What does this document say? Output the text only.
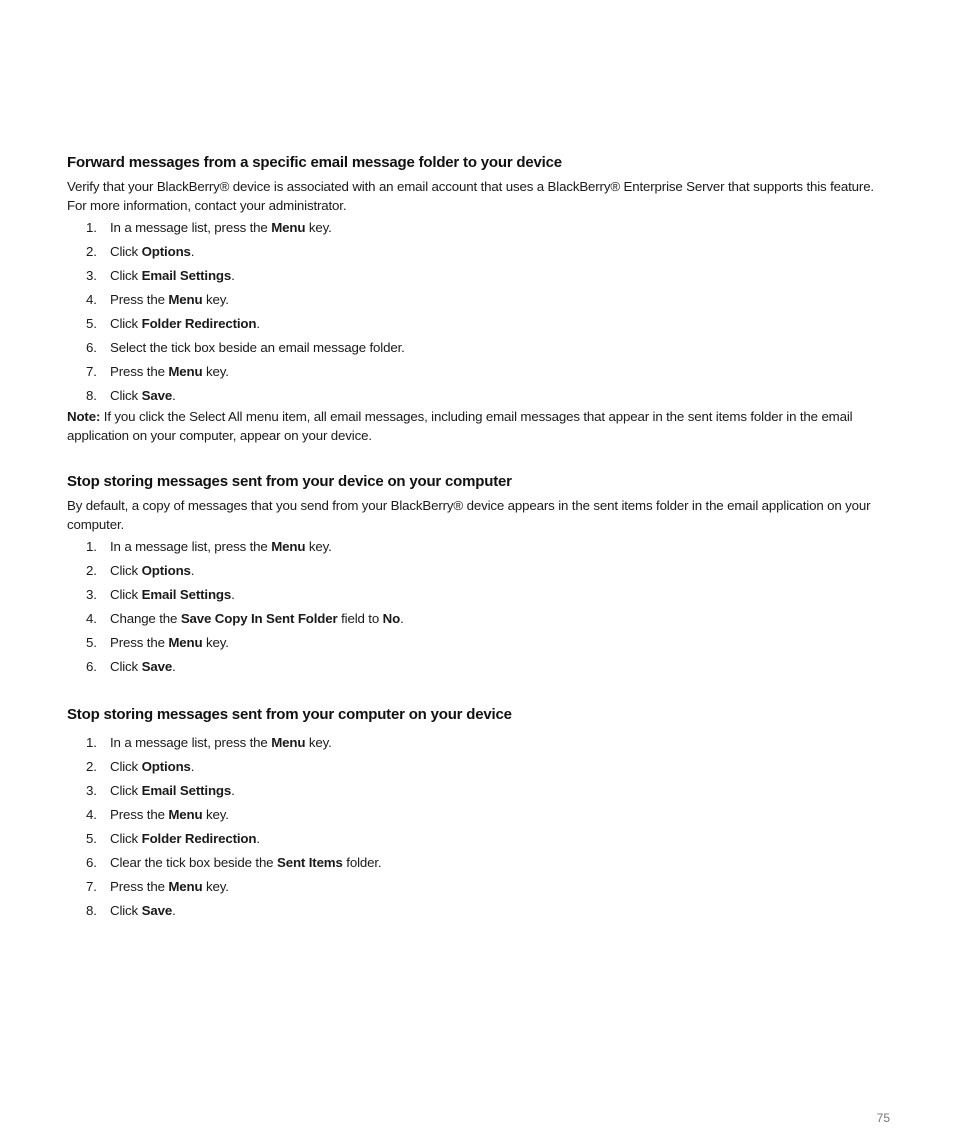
Forward messages from a specific email message folder to your device

Verify that your BlackBerry® device is associated with an email account that uses a BlackBerry® Enterprise Server that supports this feature. For more information, contact your administrator.

1. In a message list, press the Menu key.
2. Click Options.
3. Click Email Settings.
4. Press the Menu key.
5. Click Folder Redirection.
6. Select the tick box beside an email message folder.
7. Press the Menu key.
8. Click Save.

Note: If you click the Select All menu item, all email messages, including email messages that appear in the sent items folder in the email application on your computer, appear on your device.

Stop storing messages sent from your device on your computer

By default, a copy of messages that you send from your BlackBerry® device appears in the sent items folder in the email application on your computer.

1. In a message list, press the Menu key.
2. Click Options.
3. Click Email Settings.
4. Change the Save Copy In Sent Folder field to No.
5. Press the Menu key.
6. Click Save.
Stop storing messages sent from your computer on your device
1. In a message list, press the Menu key.
2. Click Options.
3. Click Email Settings.
4. Press the Menu key.
5. Click Folder Redirection.
6. Clear the tick box beside the Sent Items folder.
7. Press the Menu key.
8. Click Save.
75
